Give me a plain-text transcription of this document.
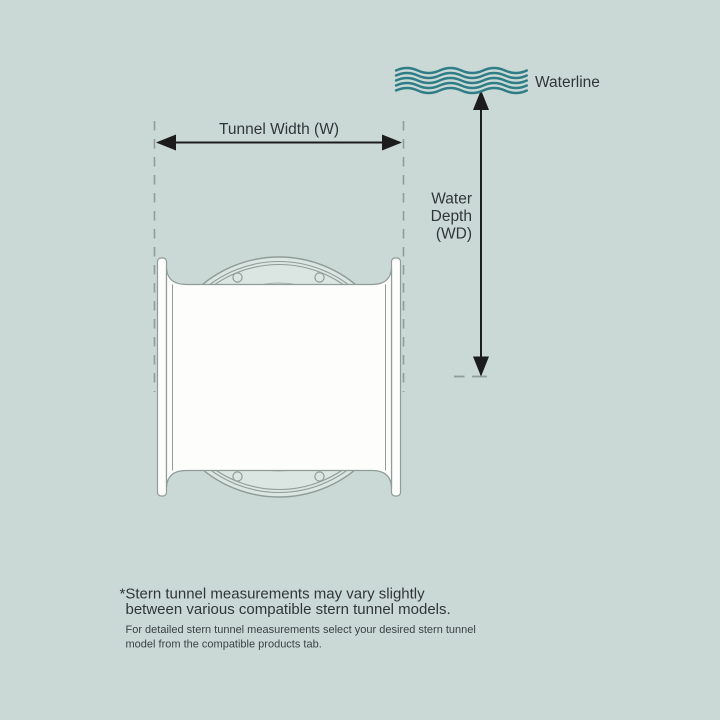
Tunnel Width (W)
Water
Depth
(WD)
Waterline
*Stern tunnel measurements may vary slightly
between various compatible stern tunnel models.
For detailed stern tunnel measurements select your desired stern tunnel
model from the compatible products tab.
